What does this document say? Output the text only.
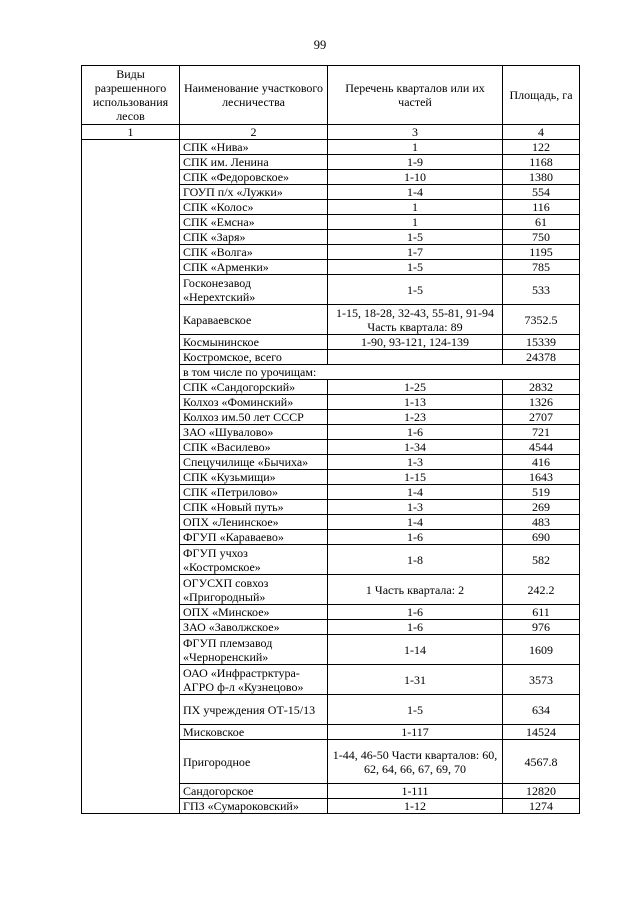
99
Виды разрешенного использования лесов	Наименование участкового лесничества	Перечень кварталов или их частей	Площадь, га
1	2	3	4
	СПК «Нива»	1	122
	СПК им. Ленина	1-9	1168
	СПК «Федоровское»	1-10	1380
	ГОУП п/х «Лужки»	1-4	554
	СПК «Колос»	1	116
	СПК «Емсна»	1	61
	СПК «Заря»	1-5	750
	СПК «Волга»	1-7	1195
	СПК «Арменки»	1-5	785
	Госконезавод «Нерехтский»	1-5	533
	Караваевское	1-15, 18-28, 32-43, 55-81, 91-94 Часть квартала: 89	7352.5
	Космынинское	1-90, 93-121, 124-139	15339
	Костромское, всего		24378
	в том числе по урочищам:		
	СПК «Сандогорский»	1-25	2832
	Колхоз «Фоминский»	1-13	1326
	Колхоз им.50 лет СССР	1-23	2707
	ЗАО «Шувалово»	1-6	721
	СПК «Василево»	1-34	4544
	Спецучилище «Бычиха»	1-3	416
	СПК «Кузьмищи»	1-15	1643
	СПК «Петрилово»	1-4	519
	СПК «Новый путь»	1-3	269
	ОПХ «Ленинское»	1-4	483
	ФГУП «Караваево»	1-6	690
	ФГУП учхоз «Костромское»	1-8	582
	ОГУСХП совхоз «Пригородный»	1 Часть квартала: 2	242.2
	ОПХ «Минское»	1-6	611
	ЗАО «Заволжское»	1-6	976
	ФГУП племзавод «Черноpенский»	1-14	1609
	ОАО «Инфрастрктура-АГРО ф-л «Кузнецово»	1-31	3573
	ПХ учреждения ОТ-15/13	1-5	634
	Мисковское	1-117	14524
	Пригородное	1-44, 46-50 Части кварталов: 60, 62, 64, 66, 67, 69, 70	4567.8
	Сандогорское	1-111	12820
	ГПЗ «Сумароковский»	1-12	1274
